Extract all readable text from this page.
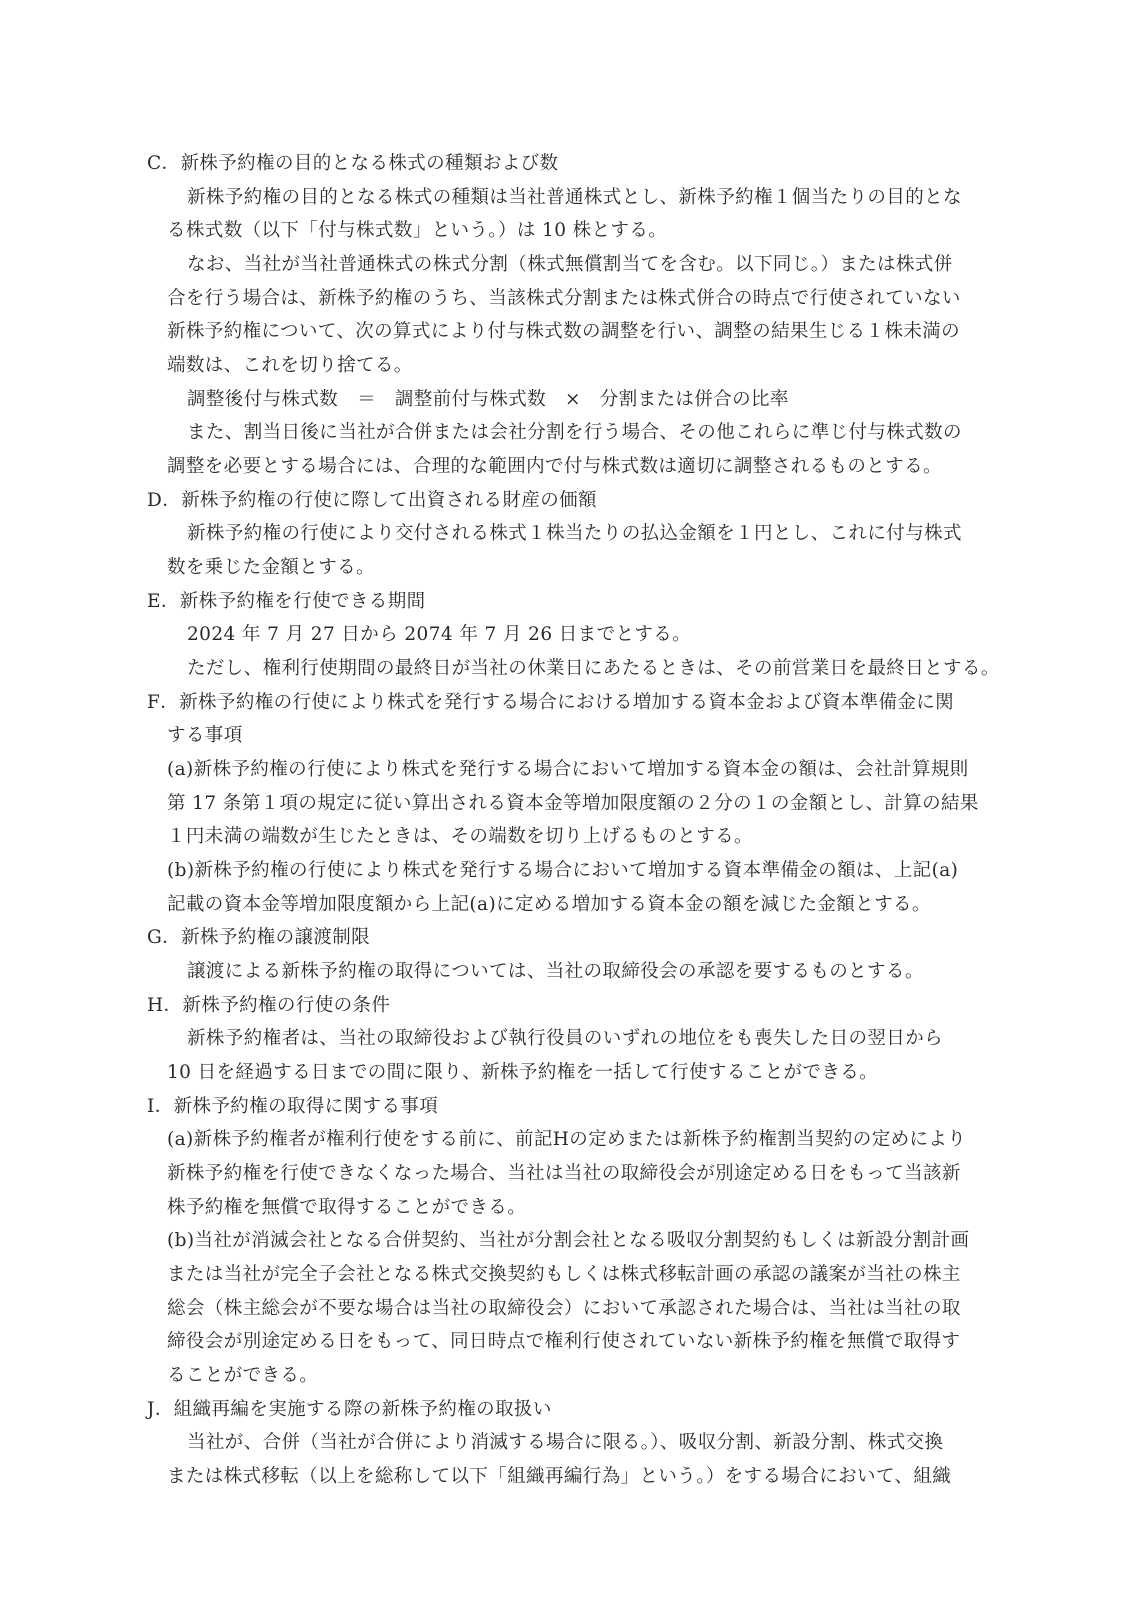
C．新株予約権の目的となる株式の種類および数
新株予約権の目的となる株式の種類は当社普通株式とし、新株予約権１個当たりの目的とな
る株式数（以下「付与株式数」という。）は 10 株とする。
なお、当社が当社普通株式の株式分割（株式無償割当てを含む。以下同じ。）または株式併
合を行う場合は、新株予約権のうち、当該株式分割または株式併合の時点で行使されていない
新株予約権について、次の算式により付与株式数の調整を行い、調整の結果生じる１株未満の
端数は、これを切り捨てる。
調整後付与株式数　＝　調整前付与株式数　×　分割または併合の比率
また、割当日後に当社が合併または会社分割を行う場合、その他これらに準じ付与株式数の
調整を必要とする場合には、合理的な範囲内で付与株式数は適切に調整されるものとする。
D．新株予約権の行使に際して出資される財産の価額
新株予約権の行使により交付される株式１株当たりの払込金額を１円とし、これに付与株式
数を乗じた金額とする。
E．新株予約権を行使できる期間
2024 年 7 月 27 日から 2074 年 7 月 26 日までとする。
ただし、権利行使期間の最終日が当社の休業日にあたるときは、その前営業日を最終日とする。
F．新株予約権の行使により株式を発行する場合における増加する資本金および資本準備金に関
する事項
(a)新株予約権の行使により株式を発行する場合において増加する資本金の額は、会社計算規則
第 17 条第１項の規定に従い算出される資本金等増加限度額の２分の１の金額とし、計算の結果
１円未満の端数が生じたときは、その端数を切り上げるものとする。
(b)新株予約権の行使により株式を発行する場合において増加する資本準備金の額は、上記(a)
記載の資本金等増加限度額から上記(a)に定める増加する資本金の額を減じた金額とする。
G．新株予約権の譲渡制限
譲渡による新株予約権の取得については、当社の取締役会の承認を要するものとする。
H．新株予約権の行使の条件
新株予約権者は、当社の取締役および執行役員のいずれの地位をも喪失した日の翌日から
10 日を経過する日までの間に限り、新株予約権を一括して行使することができる。
I．新株予約権の取得に関する事項
(a)新株予約権者が権利行使をする前に、前記Hの定めまたは新株予約権割当契約の定めにより
新株予約権を行使できなくなった場合、当社は当社の取締役会が別途定める日をもって当該新
株予約権を無償で取得することができる。
(b)当社が消滅会社となる合併契約、当社が分割会社となる吸収分割契約もしくは新設分割計画
または当社が完全子会社となる株式交換契約もしくは株式移転計画の承認の議案が当社の株主
総会（株主総会が不要な場合は当社の取締役会）において承認された場合は、当社は当社の取
締役会が別途定める日をもって、同日時点で権利行使されていない新株予約権を無償で取得す
ることができる。
J．組織再編を実施する際の新株予約権の取扱い
当社が、合併（当社が合併により消滅する場合に限る。）、吸収分割、新設分割、株式交換
または株式移転（以上を総称して以下「組織再編行為」という。）をする場合において、組織
